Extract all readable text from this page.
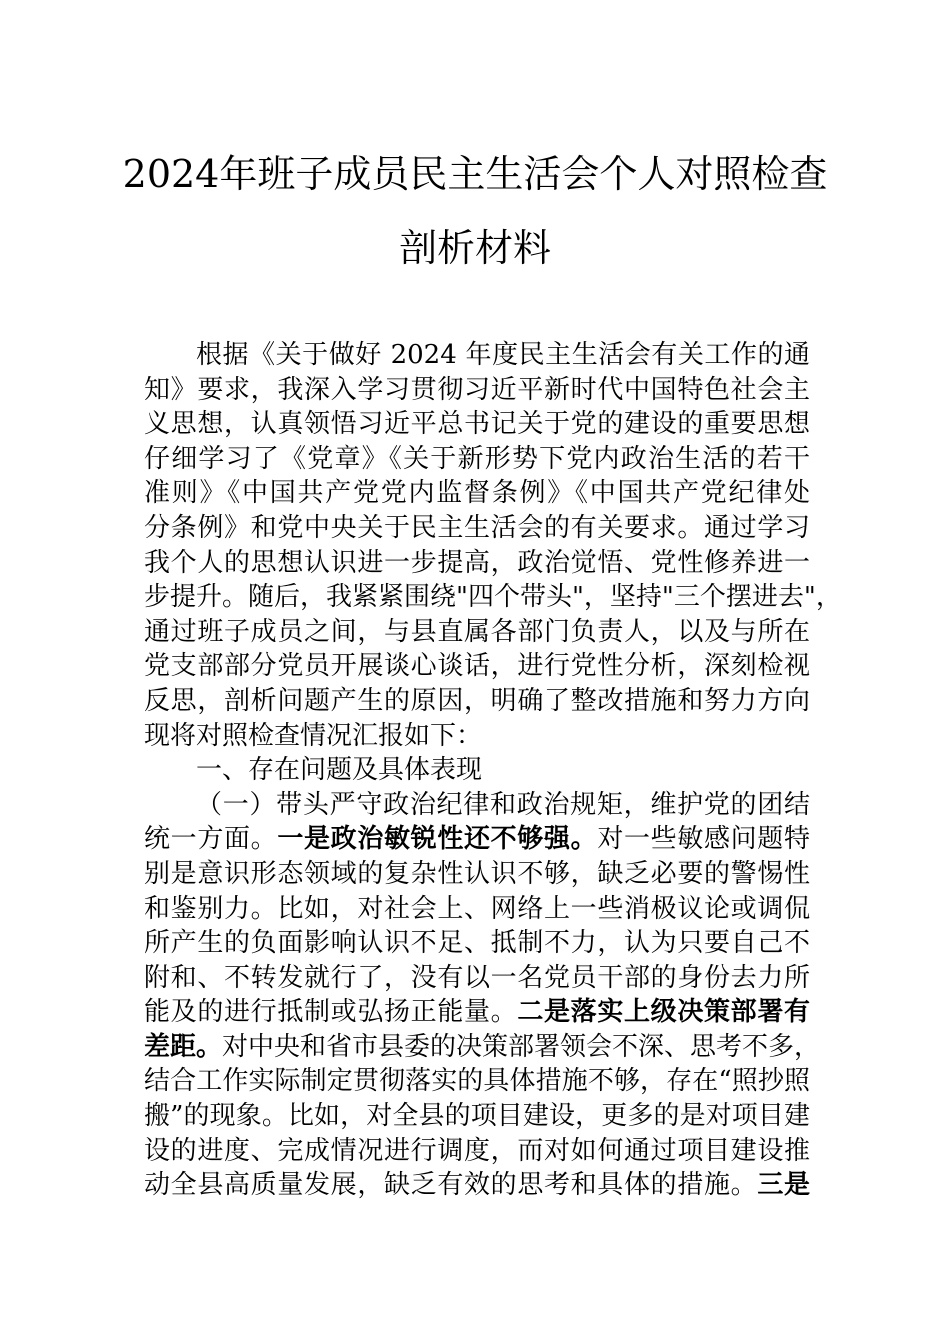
2024年班子成员民主生活会个人对照检查
剖析材料
根据《关于做好 2024 年度民主生活会有关工作的通
知》要求，我深入学习贯彻习近平新时代中国特色社会主
义思想，认真领悟习近平总书记关于党的建设的重要思想
仔细学习了《党章》《关于新形势下党内政治生活的若干
准则》《中国共产党党内监督条例》《中国共产党纪律处
分条例》和党中央关于民主生活会的有关要求。通过学习
我个人的思想认识进一步提高，政治觉悟、党性修养进一
步提升。随后，我紧紧围绕"四个带头"，坚持"三个摆进去"，
通过班子成员之间，与县直属各部门负责人，以及与所在
党支部部分党员开展谈心谈话，进行党性分析，深刻检视
反思，剖析问题产生的原因，明确了整改措施和努力方向
现将对照检查情况汇报如下：
一、存在问题及具体表现
（一）带头严守政治纪律和政治规矩，维护党的团结
统一方面。一是政治敏锐性还不够强。对一些敏感问题特
别是意识形态领域的复杂性认识不够，缺乏必要的警惕性
和鉴别力。比如，对社会上、网络上一些消极议论或调侃
所产生的负面影响认识不足、抵制不力，认为只要自己不
附和、不转发就行了，没有以一名党员干部的身份去力所
能及的进行抵制或弘扬正能量。二是落实上级决策部署有
差距。对中央和省市县委的决策部署领会不深、思考不多，
结合工作实际制定贯彻落实的具体措施不够，存在“照抄照
搬”的现象。比如，对全县的项目建设，更多的是对项目建
设的进度、完成情况进行调度，而对如何通过项目建设推
动全县高质量发展，缺乏有效的思考和具体的措施。三是
